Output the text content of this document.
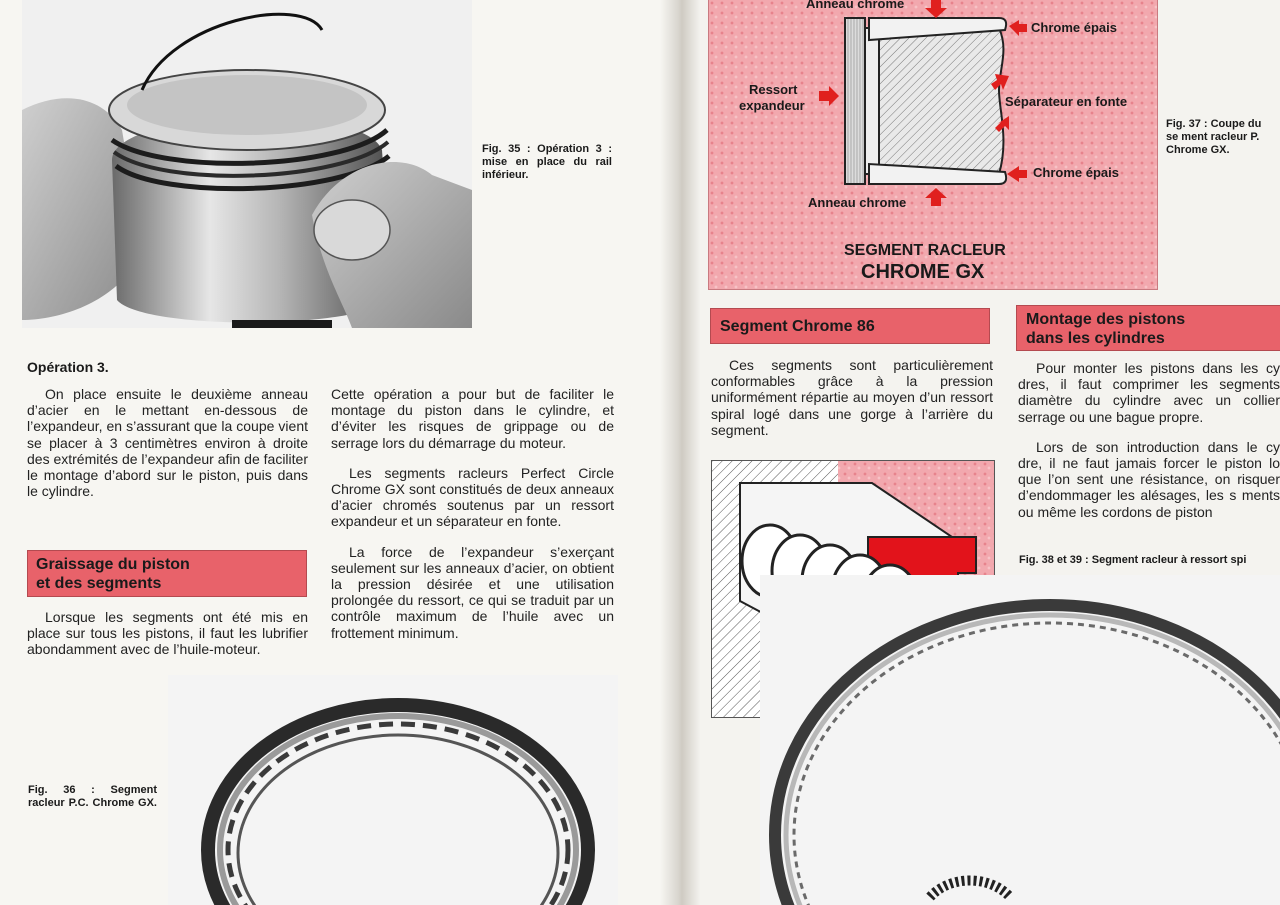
Fig. 35 : Opération 3 : mise en place du rail inférieur.
Opération 3.

On place ensuite le deuxième anneau d’acier en le mettant en-dessous de l’expandeur, en s’assurant que la coupe vient se placer à 3 centimètres environ à droite des extrémités de l’expandeur afin de faciliter le montage d’abord sur le piston, puis dans le cylindre.

Cette opération a pour but de faciliter le montage du piston dans le cylindre, et d’éviter les risques de grippage ou de serrage lors du démarrage du moteur.

Les segments racleurs Perfect Circle Chrome GX sont constitués de deux anneaux d’acier chromés soutenus par un ressort expandeur et un séparateur en fonte.

La force de l’expandeur s’exerçant seulement sur les anneaux d’acier, on obtient la pression désirée et une utilisation prolongée du ressort, ce qui se traduit par un contrôle maximum de l’huile avec un frottement minimum.

Graissage du piston
et des segments

Lorsque les segments ont été mis en place sur tous les pistons, il faut les lubrifier abondamment avec de l’huile-moteur.

Fig. 36 : Segment racleur P.C. Chrome GX.
Anneau chrome
Chrome épais
Ressort
expandeur	Séparateur en fonte
Chrome épais
Anneau chrome
SEGMENT RACLEUR
CHROME GX
Fig. 37 : Coupe du se ment racleur P. Chrome GX.
Segment Chrome 86

Ces segments sont particulièrement conformables grâce à la pression uniformément répartie au moyen d’un ressort spiral logé dans une gorge à l’arrière du segment.

Montage des pistons
dans les cylindres

Pour monter les pistons dans les cy dres, il faut comprimer les segments diamètre du cylindre avec un collier serrage ou une bague propre.

Lors de son introduction dans le cy dre, il ne faut jamais forcer le piston lo que l’on sent une résistance, on risquer d’endommager les alésages, les s ments ou même les cordons de piston

Fig. 38 et 39 : Segment racleur à ressort spi
